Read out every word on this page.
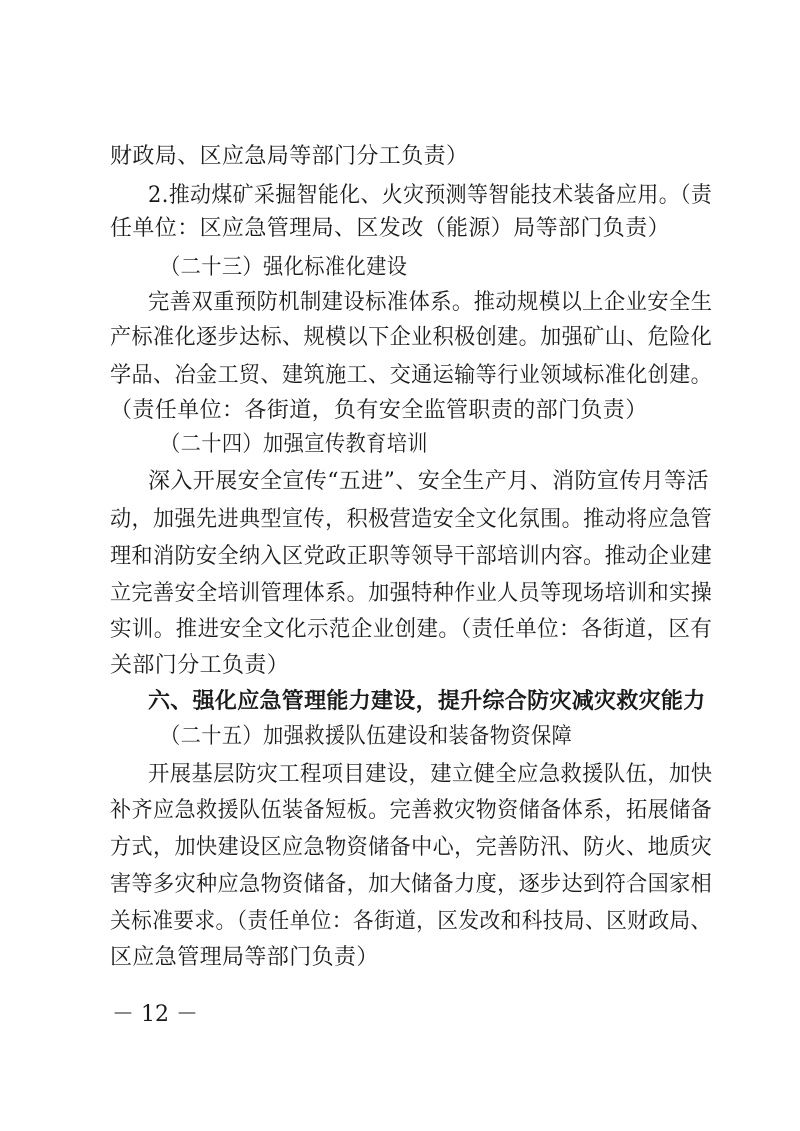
财政局、区应急局等部门分工负责）
2.推动煤矿采掘智能化、火灾预测等智能技术装备应用。（责
任单位：区应急管理局、区发改（能源）局等部门负责）
（二十三）强化标准化建设
完善双重预防机制建设标准体系。推动规模以上企业安全生
产标准化逐步达标、规模以下企业积极创建。加强矿山、危险化
学品、冶金工贸、建筑施工、交通运输等行业领域标准化创建。
（责任单位：各街道，负有安全监管职责的部门负责）
（二十四）加强宣传教育培训
深入开展安全宣传“五进”、安全生产月、消防宣传月等活
动，加强先进典型宣传，积极营造安全文化氛围。推动将应急管
理和消防安全纳入区党政正职等领导干部培训内容。推动企业建
立完善安全培训管理体系。加强特种作业人员等现场培训和实操
实训。推进安全文化示范企业创建。（责任单位：各街道，区有
关部门分工负责）
六、强化应急管理能力建设，提升综合防灾减灾救灾能力
（二十五）加强救援队伍建设和装备物资保障
开展基层防灾工程项目建设，建立健全应急救援队伍，加快
补齐应急救援队伍装备短板。完善救灾物资储备体系，拓展储备
方式，加快建设区应急物资储备中心，完善防汛、防火、地质灾
害等多灾种应急物资储备，加大储备力度，逐步达到符合国家相
关标准要求。（责任单位：各街道，区发改和科技局、区财政局、
区应急管理局等部门负责）
－ 12 －
